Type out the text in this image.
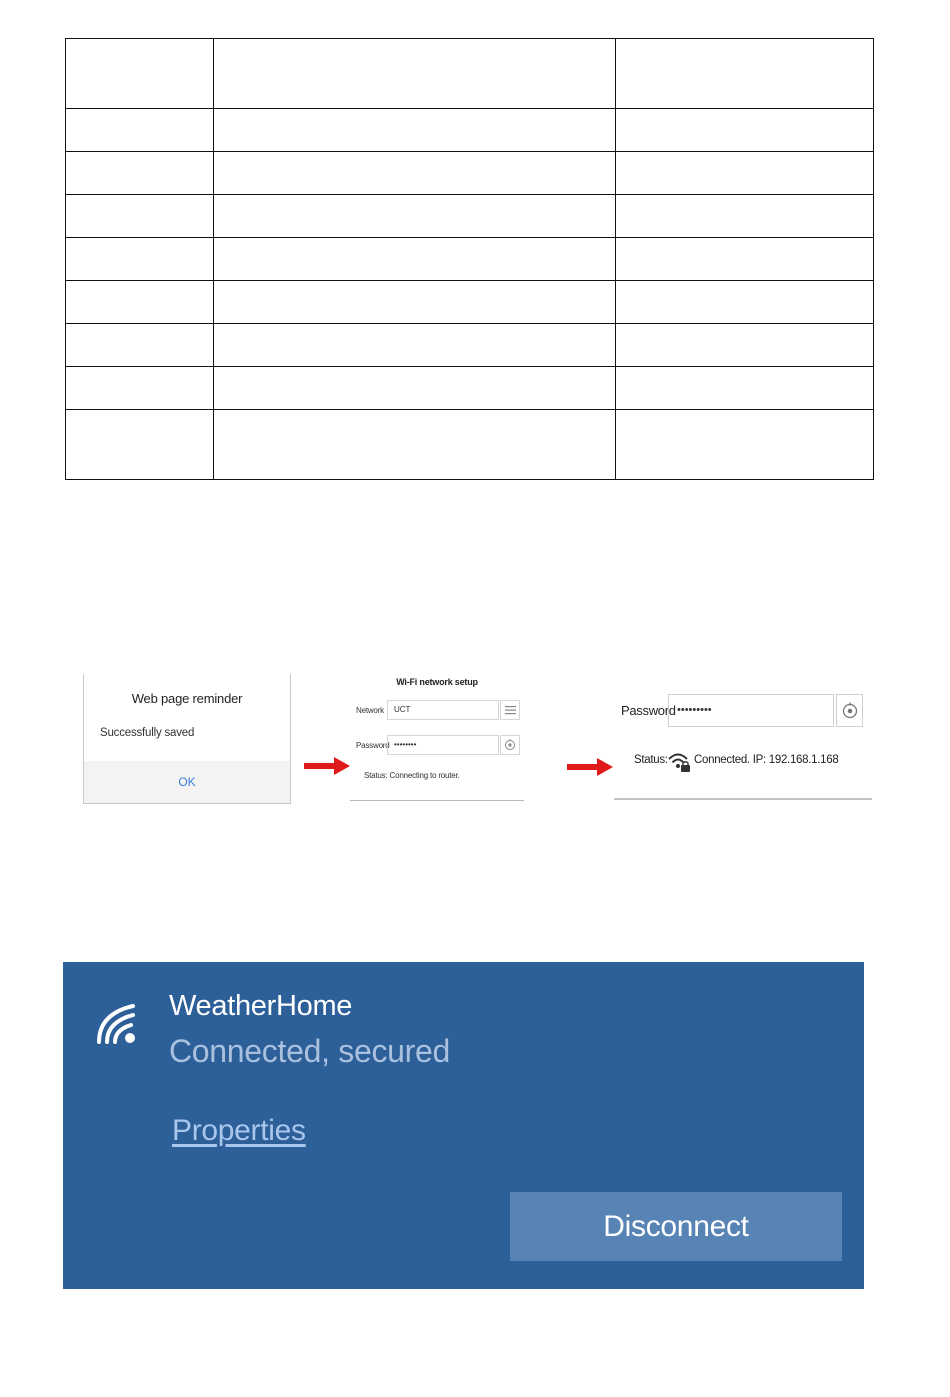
Web page reminder
Successfully saved
OK
Wi-Fi network setup
Network	UCT
Password ••••••••
Status: Connecting to router.
Password •••••••••
Status: Connected. IP: 192.168.1.168
WeatherHome
Connected, secured
Properties
Disconnect
